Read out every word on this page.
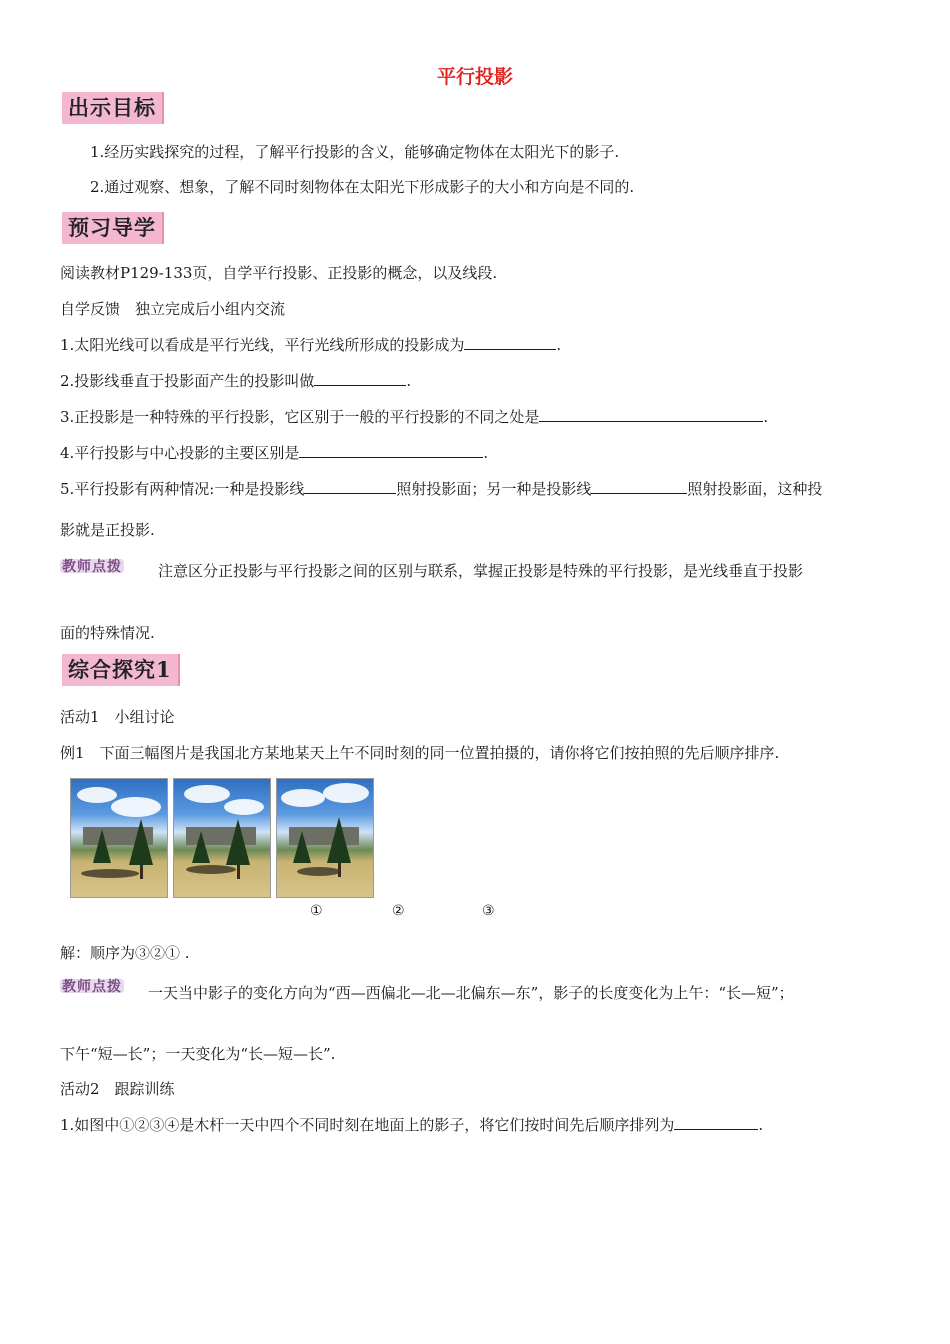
平行投影
出示目标
1.经历实践探究的过程，了解平行投影的含义，能够确定物体在太阳光下的影子.
2.通过观察、想象，了解不同时刻物体在太阳光下形成影子的大小和方向是不同的.
预习导学
阅读教材P129-133页，自学平行投影、正投影的概念，以及线段.
自学反馈　独立完成后小组内交流
1.太阳光线可以看成是平行光线，平行光线所形成的投影成为	.
2.投影线垂直于投影面产生的投影叫做	.
3.正投影是一种特殊的平行投影，它区别于一般的平行投影的不同之处是	.
4.平行投影与中心投影的主要区别是	.
5.平行投影有两种情况:一种是投影线	照射投影面；另一种是投影线	照射投影面，这种投
影就是正投影.
教师点拨 注意区分正投影与平行投影之间的区别与联系，掌握正投影是特殊的平行投影，是光线垂直于投影
面的特殊情况.
综合探究1
活动1　小组讨论
例1　下面三幅图片是我国北方某地某天上午不同时刻的同一位置拍摄的，请你将它们按拍照的先后顺序排序.
①	②	③
解：顺序为③②① .
教师点拨 一天当中影子的变化方向为“西—西偏北—北—北偏东—东”，影子的长度变化为上午：“长—短”；
下午“短—长”；一天变化为“长—短—长”.
活动2　跟踪训练
1.如图中①②③④是木杆一天中四个不同时刻在地面上的影子，将它们按时间先后顺序排列为	.
